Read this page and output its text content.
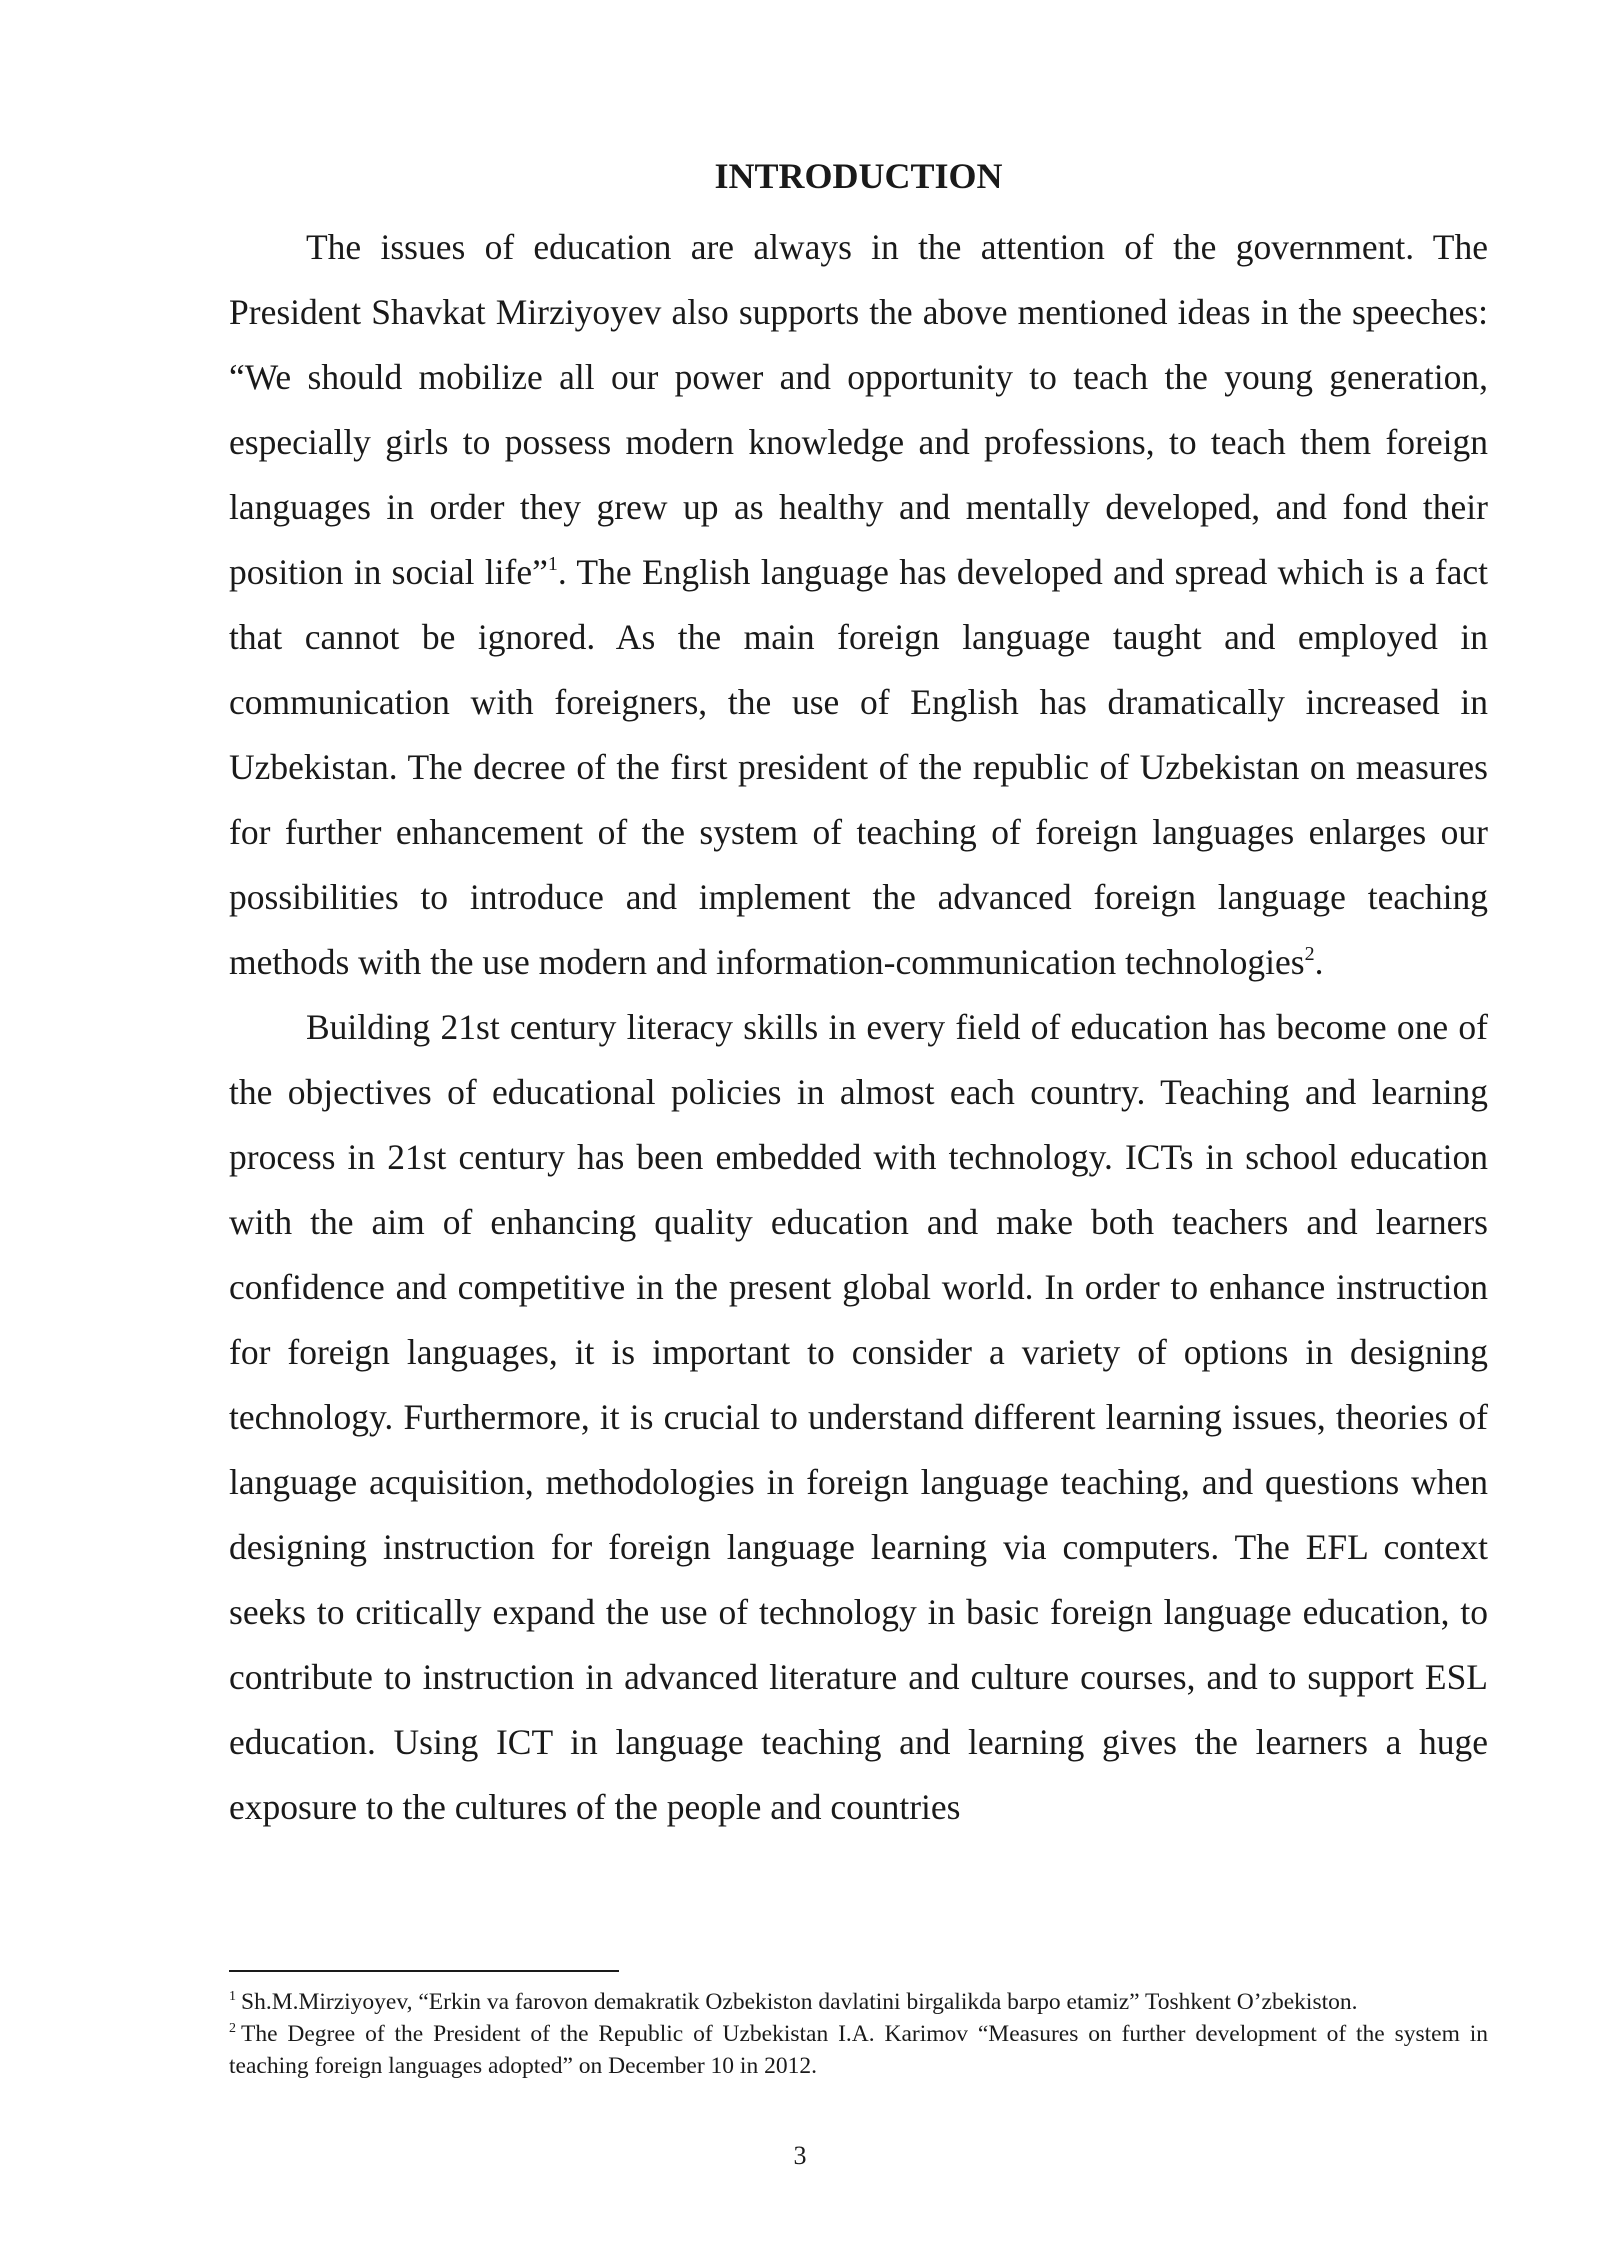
INTRODUCTION

The issues of education are always in the attention of the government. The President Shavkat Mirziyoyev also supports the above mentioned ideas in the speeches: “We should mobilize all our power and opportunity to teach the young generation, especially girls to possess modern knowledge and professions, to teach them foreign languages in order they grew up as healthy and mentally developed, and fond their position in social life”$^1$. The English language has developed and spread which is a fact that cannot be ignored. As the main foreign language taught and employed in communication with foreigners, the use of English has dramatically increased in Uzbekistan. The decree of the first president of the republic of Uzbekistan on measures for further enhancement of the system of teaching of foreign languages enlarges our possibilities to introduce and implement the advanced foreign language teaching methods with the use modern and information-communication technologies$^2$.

Building 21st century literacy skills in every field of education has become one of the objectives of educational policies in almost each country. Teaching and learning process in 21st century has been embedded with technology. ICTs in school education with the aim of enhancing quality education and make both teachers and learners confidence and competitive in the present global world. In order to enhance instruction for foreign languages, it is important to consider a variety of options in designing technology. Furthermore, it is crucial to understand different learning issues, theories of language acquisition, methodologies in foreign language teaching, and questions when designing instruction for foreign language learning via computers. The EFL context seeks to critically expand the use of technology in basic foreign language education, to contribute to instruction in advanced literature and culture courses, and to support ESL education. Using ICT in language teaching and learning gives the learners a huge exposure to the cultures of the people and countries

$^1$ Sh.M.Mirziyoyev, “Erkin va farovon demakratik Ozbekiston davlatini birgalikda barpo etamiz” Toshkent O’zbekiston.

$^2$ The Degree of the President of the Republic of Uzbekistan I.A. Karimov “Measures on further development of the system in teaching foreign languages adopted” on December 10 in 2012.

3
